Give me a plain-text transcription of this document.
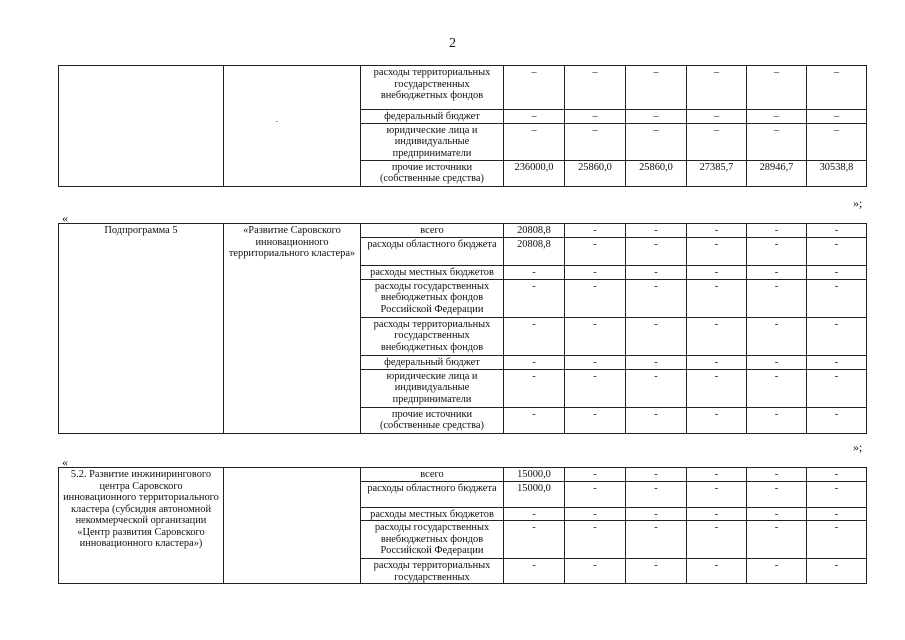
2
		расходы территориальных государственных внебюджетных фондов	–	–	–	–	–	–
		федеральный бюджет	–	–	–	–	–	–
		юридические лица и индивидуальные предприниматели	–	–	–	–	–	–
		прочие источники (собственные средства)	236000,0	25860,0	25860,0	27385,7	28946,7	30538,8
«
»;
Подпрограмма 5	«Развитие Саровского инновационного территориального кластера»	всего	20808,8	-	-	-	-	-
		расходы областного бюджета	20808,8	-	-	-	-	-
		расходы местных бюджетов	-	-	-	-	-	-
		расходы государственных внебюджетных фондов Российской Федерации	-	-	-	-	-	-
		расходы территориальных государственных внебюджетных фондов	-	-	-	-	-	-
		федеральный бюджет	-	-	-	-	-	-
		юридические лица и индивидуальные предприниматели	-	-	-	-	-	-
		прочие источники (собственные средства)	-	-	-	-	-	-
«
»;
5.2. Развитие инжинирингового центра Саровского инновационного территориального кластера (субсидия автономной некоммерческой организации «Центр развития Саровского инновационного кластера»)		всего	15000,0	-	-	-	-	-
		расходы областного бюджета	15000,0	-	-	-	-	-
		расходы местных бюджетов	-	-	-	-	-	-
		расходы государственных внебюджетных фондов Российской Федерации	-	-	-	-	-	-
		расходы территориальных государственных	-	-	-	-	-	-
